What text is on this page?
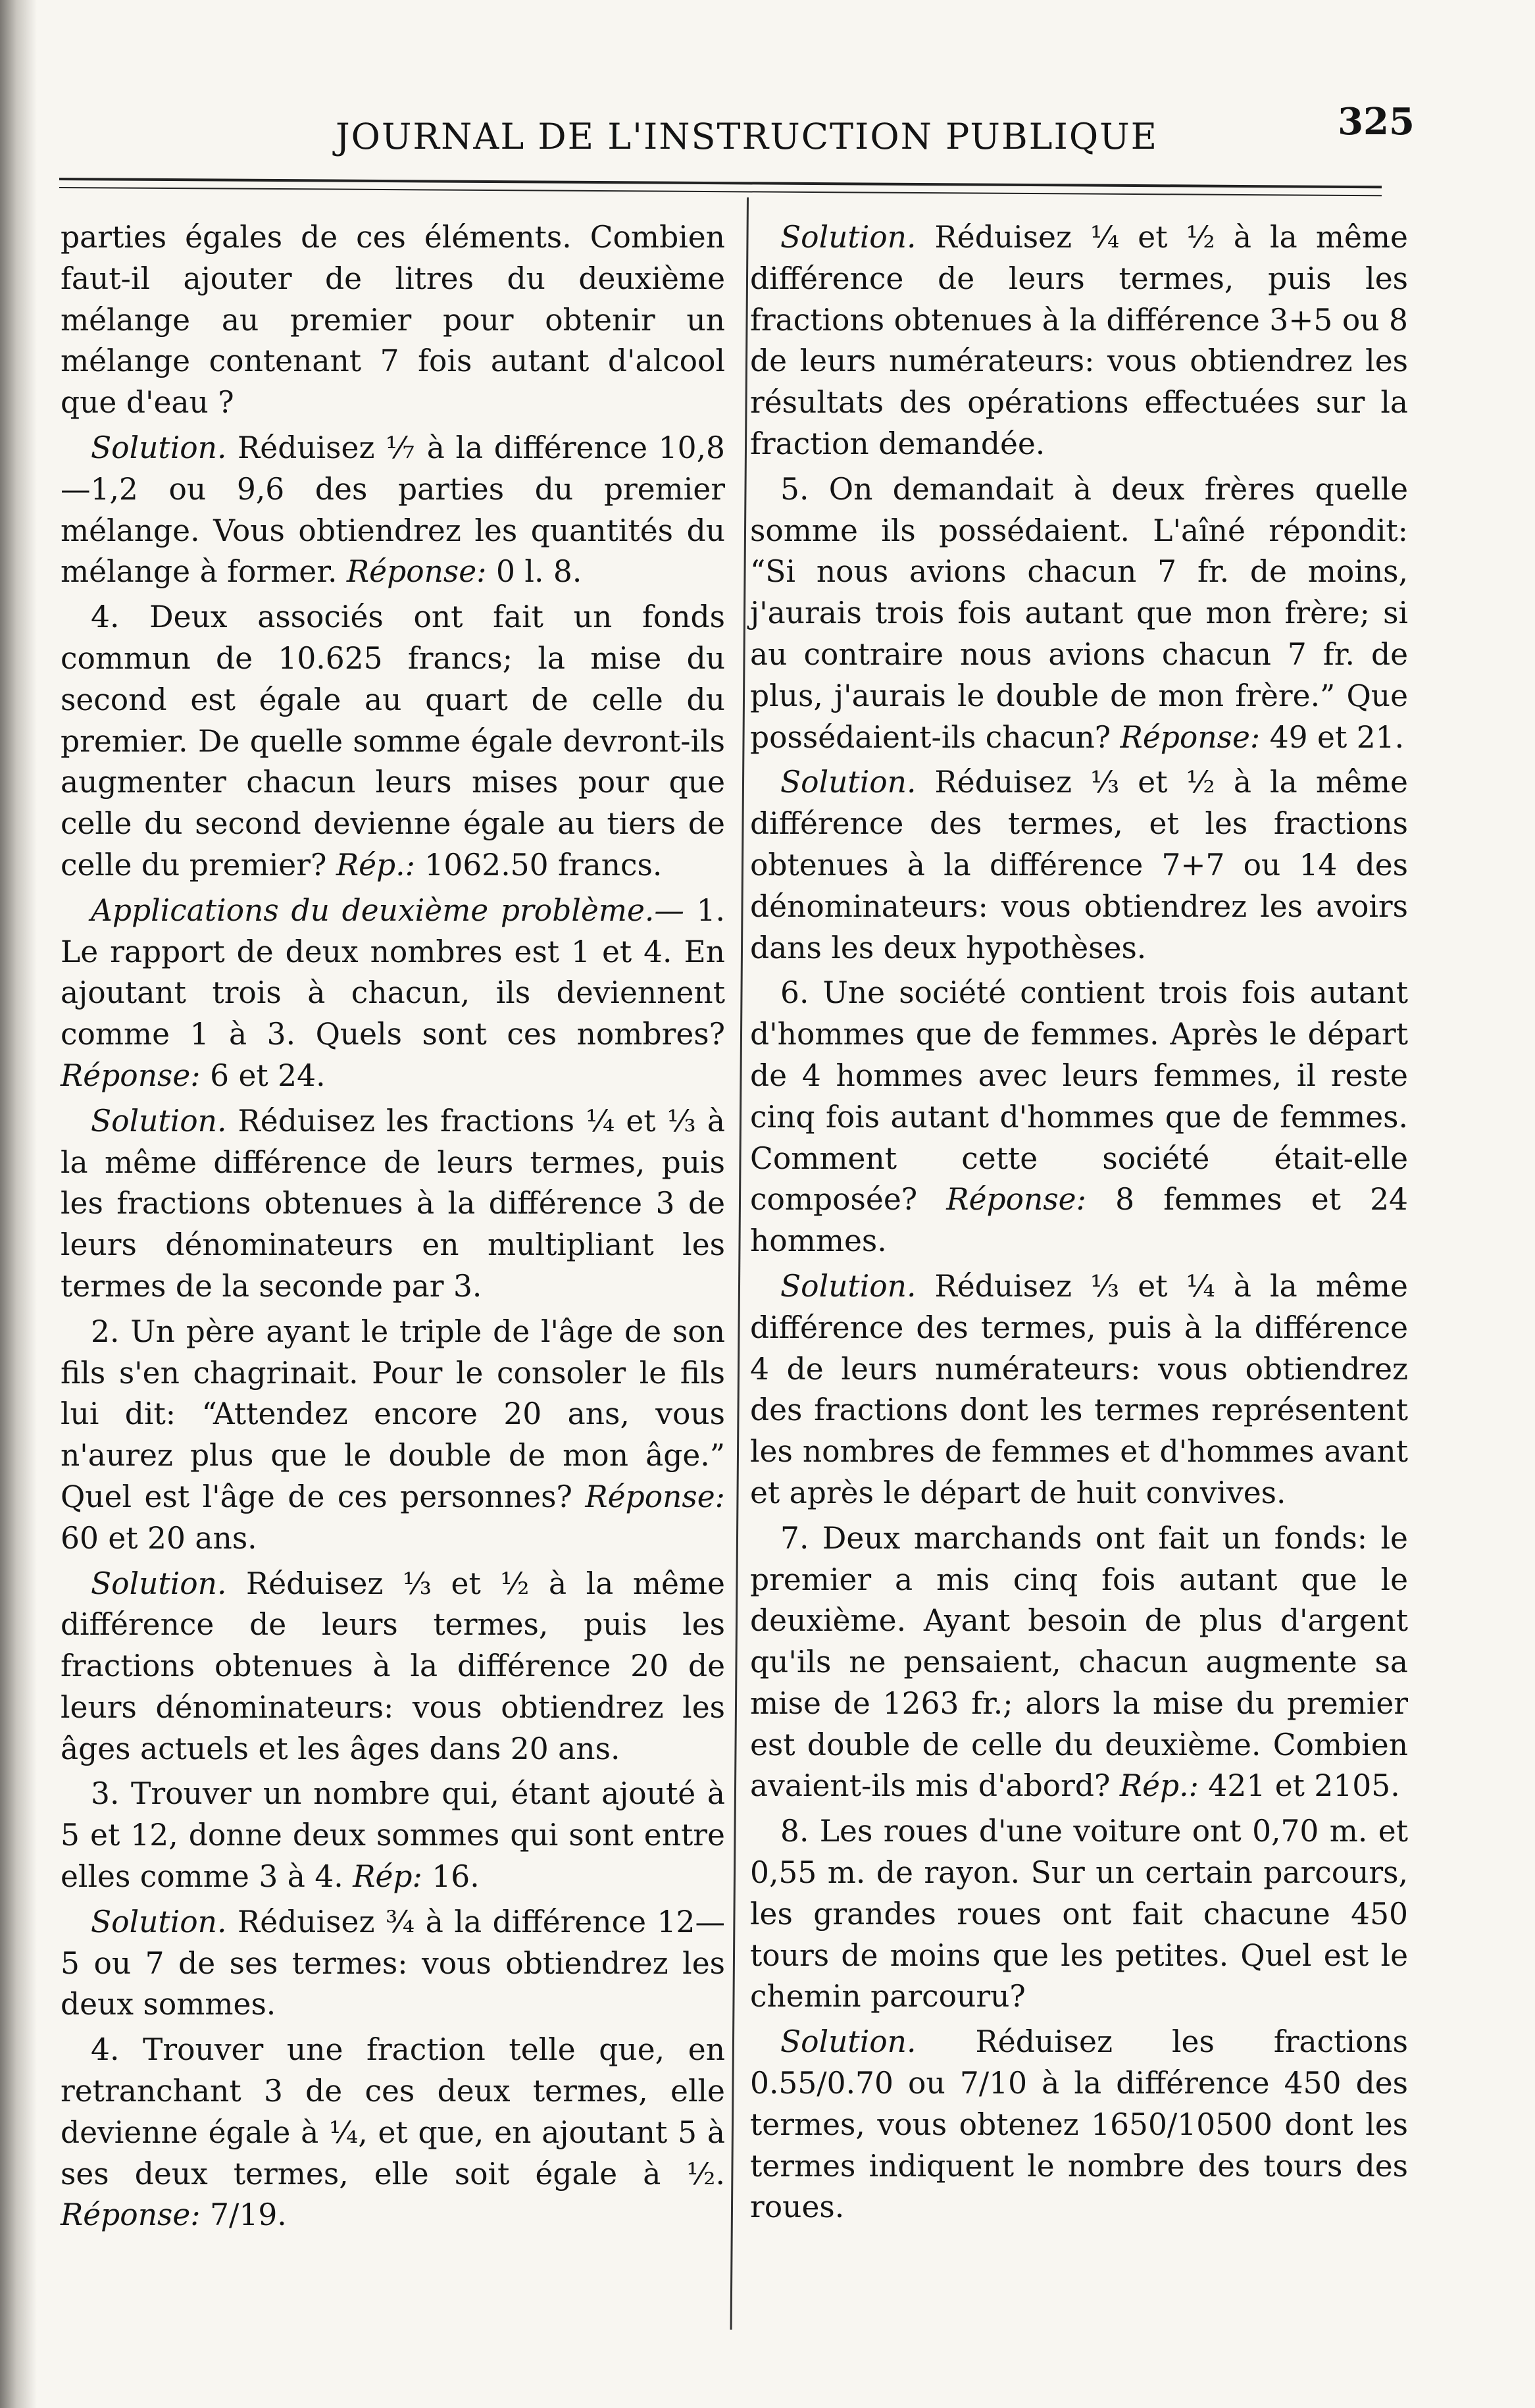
JOURNAL DE L'INSTRUCTION PUBLIQUE	325

parties égales de ces éléments. Combien faut-il ajouter de litres du deuxième mélange au premier pour obtenir un mélange contenant 7 fois autant d'alcool que d'eau ?

Solution. Réduisez ⅐ à la différence 10,8—1,2 ou 9,6 des parties du premier mélange. Vous obtiendrez les quantités du mélange à former. Réponse: 0 l. 8.

4. Deux associés ont fait un fonds commun de 10.625 francs; la mise du second est égale au quart de celle du premier. De quelle somme égale devront-ils augmenter chacun leurs mises pour que celle du second devienne égale au tiers de celle du premier? Rép.: 1062.50 francs.

Applications du deuxième problème.— 1. Le rapport de deux nombres est 1 et 4. En ajoutant trois à chacun, ils deviennent comme 1 à 3. Quels sont ces nombres? Réponse: 6 et 24.

Solution. Réduisez les fractions ¼ et ⅓ à la même différence de leurs termes, puis les fractions obtenues à la différence 3 de leurs dénominateurs en multipliant les termes de la seconde par 3.

2. Un père ayant le triple de l'âge de son fils s'en chagrinait. Pour le consoler le fils lui dit: “Attendez encore 20 ans, vous n'aurez plus que le double de mon âge.” Quel est l'âge de ces personnes? Réponse: 60 et 20 ans.

Solution. Réduisez ⅓ et ½ à la même différence de leurs termes, puis les fractions obtenues à la différence 20 de leurs dénominateurs: vous obtiendrez les âges actuels et les âges dans 20 ans.

3. Trouver un nombre qui, étant ajouté à 5 et 12, donne deux sommes qui sont entre elles comme 3 à 4. Rép: 16.

Solution. Réduisez ¾ à la différence 12—5 ou 7 de ses termes: vous obtiendrez les deux sommes.

4. Trouver une fraction telle que, en retranchant 3 de ces deux termes, elle devienne égale à ¼, et que, en ajoutant 5 à ses deux termes, elle soit égale à ½. Réponse: 7/19.

Solution. Réduisez ¼ et ½ à la même différence de leurs termes, puis les fractions obtenues à la différence 3+5 ou 8 de leurs numérateurs: vous obtiendrez les résultats des opérations effectuées sur la fraction demandée.

5. On demandait à deux frères quelle somme ils possédaient. L'aîné répondit: “Si nous avions chacun 7 fr. de moins, j'aurais trois fois autant que mon frère; si au contraire nous avions chacun 7 fr. de plus, j'aurais le double de mon frère.” Que possédaient-ils chacun? Réponse: 49 et 21.

Solution. Réduisez ⅓ et ½ à la même différence des termes, et les fractions obtenues à la différence 7+7 ou 14 des dénominateurs: vous obtiendrez les avoirs dans les deux hypothèses.

6. Une société contient trois fois autant d'hommes que de femmes. Après le départ de 4 hommes avec leurs femmes, il reste cinq fois autant d'hommes que de femmes. Comment cette société était-elle composée? Réponse: 8 femmes et 24 hommes.

Solution. Réduisez ⅓ et ¼ à la même différence des termes, puis à la différence 4 de leurs numérateurs: vous obtiendrez des fractions dont les termes représentent les nombres de femmes et d'hommes avant et après le départ de huit convives.

7. Deux marchands ont fait un fonds: le premier a mis cinq fois autant que le deuxième. Ayant besoin de plus d'argent qu'ils ne pensaient, chacun augmente sa mise de 1263 fr.; alors la mise du premier est double de celle du deuxième. Combien avaient-ils mis d'abord? Rép.: 421 et 2105.

8. Les roues d'une voiture ont 0,70 m. et 0,55 m. de rayon. Sur un certain parcours, les grandes roues ont fait chacune 450 tours de moins que les petites. Quel est le chemin parcouru?

Solution. Réduisez les fractions 0.55/0.70 ou 7/10 à la différence 450 des termes, vous obtenez 1650/10500 dont les termes indiquent le nombre des tours des roues.
